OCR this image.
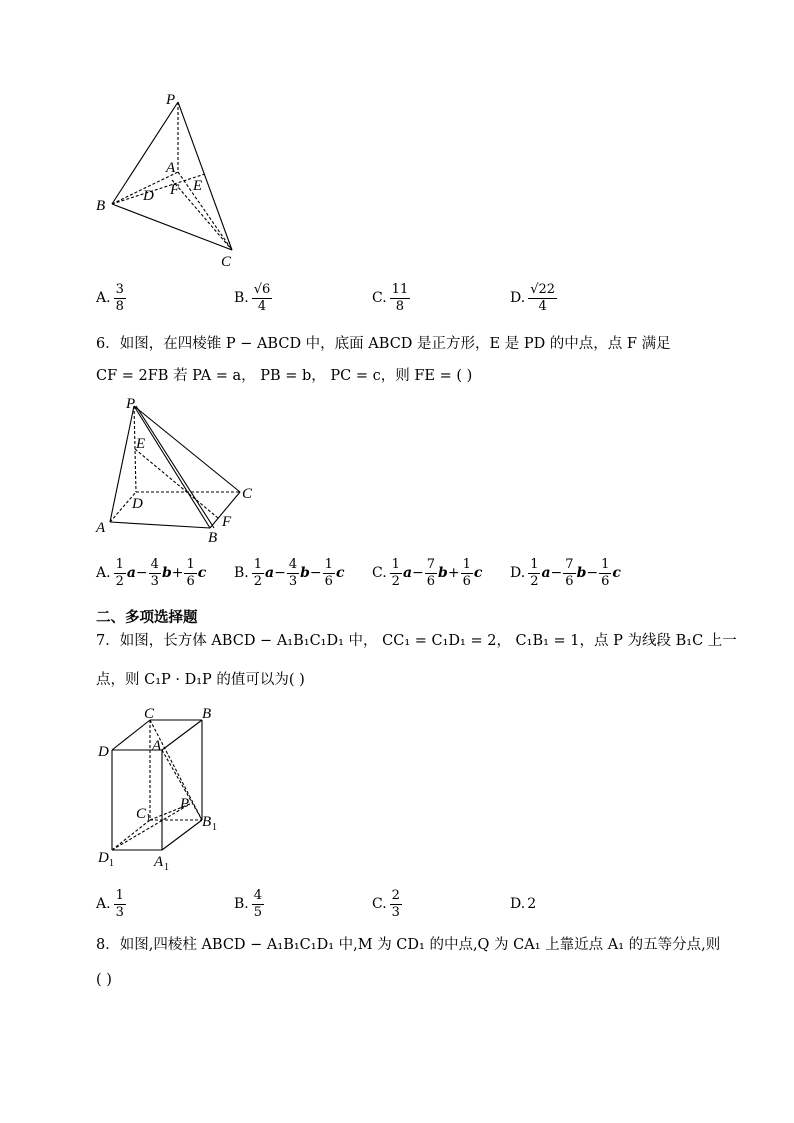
P
A
B
D F E
C
A. $\frac{3}{8}$	B. $\frac{√6}{4}$	C. $\frac{11}{8}$	D. $\frac{√22}{4}$
6．如图，在四棱锥 P − ABCD 中，底面 ABCD 是正方形，E 是 PD 的中点，点 F 满足
CF = 2FB 若 PA = a， PB = b， PC = c，则 FE = ( )
P
E
D
C
A
B
F
A. $\frac{1}{2}$ $a - \frac{4}{3}$ $b + \frac{1}{6}$ c B. $\frac{1}{2}$ $a - \frac{4}{3}$ $b - \frac{1}{6}$ c C. $\frac{1}{2}$ $a - \frac{7}{6}$ $b + \frac{1}{6}$ c D. $\frac{1}{2}$ $a - \frac{7}{6}$ $b - \frac{1}{6}$ c
二、多项选择题
7．如图，长方体 ABCD − A₁B₁C₁D₁ 中， CC₁ = C₁D₁ = 2， C₁B₁ = 1，点 P 为线段 B₁C 上一
点，则 C₁P · D₁P 的值可以为( )
C	B
D	A
C 1
P
B 1
D 1	A 1
A. $\frac{1}{3}$	B. $\frac{4}{5}$	C. $\frac{2}{3}$	D. 2
8．如图,四棱柱 ABCD − A₁B₁C₁D₁ 中,M 为 CD₁ 的中点,Q 为 CA₁ 上靠近点 A₁ 的五等分点,则
( )
